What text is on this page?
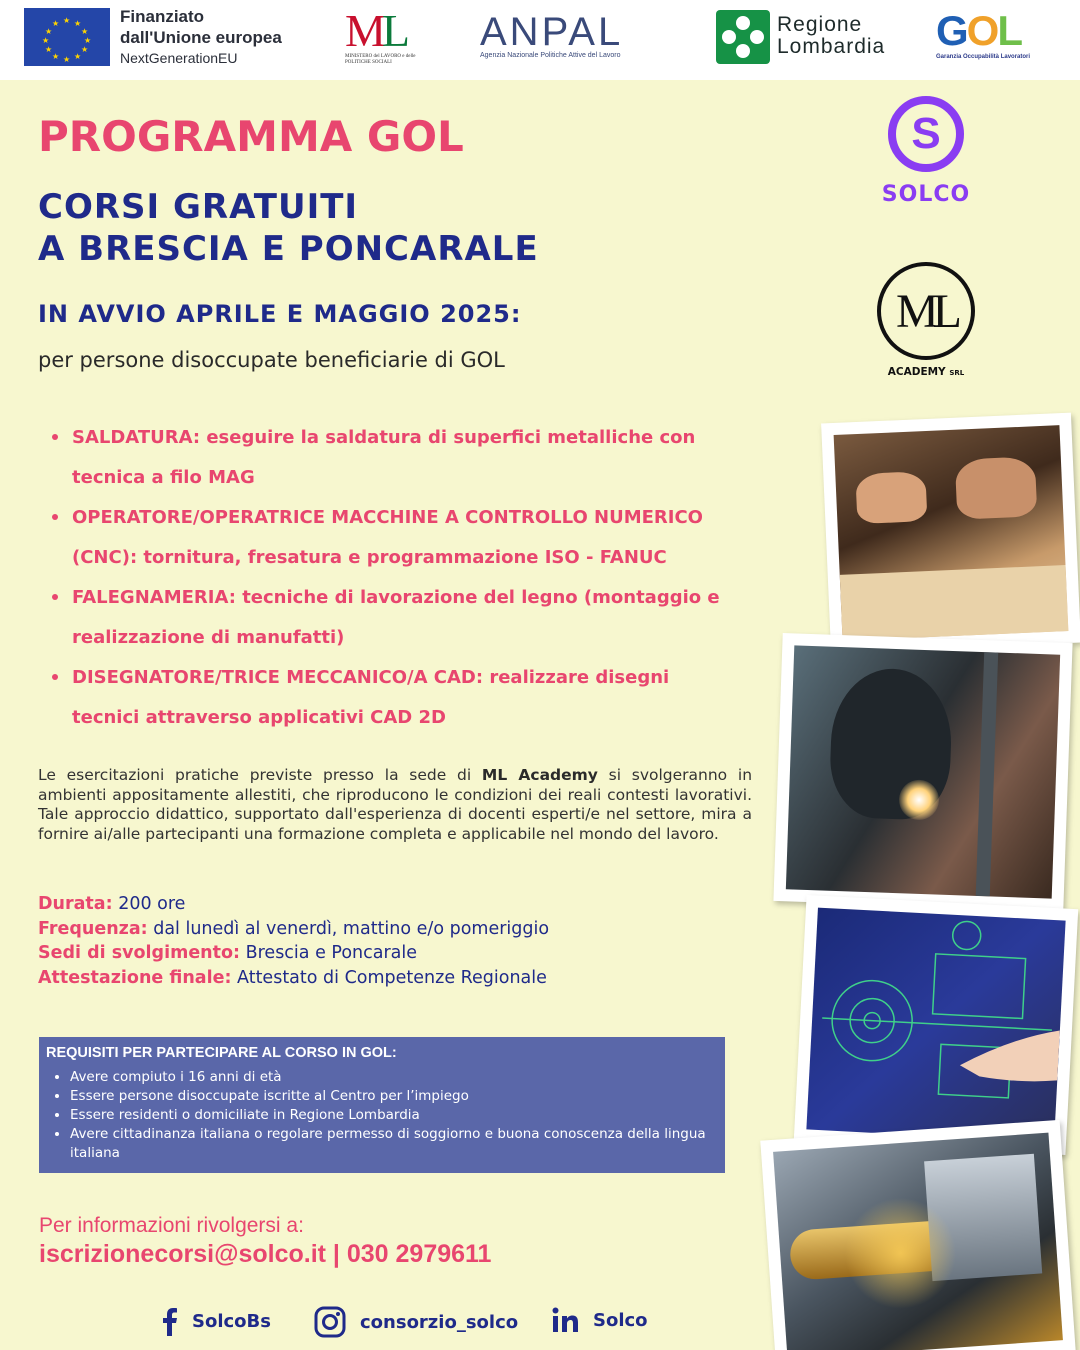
★ ★
★
★
★
★
★
★
★
★
★
★	Finanziato
dall'Unione europea
NextGenerationEU
ML
MINISTERO del LAVORO e delle POLITICHE SOCIALI
ANPAL
Agenzia Nazionale Politiche Attive del Lavoro
Regione
Lombardia GOL
Garanzia Occupabilità Lavoratori
PROGRAMMA GOL
CORSI GRATUITI
A BRESCIA E PONCARALE
IN AVVIO APRILE E MAGGIO 2025:
per persone disoccupate beneficiarie di GOL
SALDATURA: eseguire la saldatura di superfici metalliche con tecnica a filo MAG
OPERATORE/OPERATRICE MACCHINE A CONTROLLO NUMERICO (CNC): tornitura, fresatura e programmazione ISO - FANUC
FALEGNAMERIA: tecniche di lavorazione del legno (montaggio e realizzazione di manufatti)
DISEGNATORE/TRICE MECCANICO/A CAD: realizzare disegni tecnici attraverso applicativi CAD 2D

Le esercitazioni pratiche previste presso la sede di ML Academy si svolgeranno in ambienti appositamente allestiti, che riproducono le condizioni dei reali contesti lavorativi. Tale approccio didattico, supportato dall'esperienza di docenti esperti/e nel settore, mira a fornire ai/alle partecipanti una formazione completa e applicabile nel mondo del lavoro.

Durata: 200 ore
Frequenza: dal lunedì al venerdì, mattino e/o pomeriggio
Sedi di svolgimento: Brescia e Poncarale
Attestazione finale: Attestato di Competenze Regionale
REQUISITI PER PARTECIPARE AL CORSO IN GOL:
• Avere compiuto i 16 anni di età
• Essere persone disoccupate iscritte al Centro per l’impiego
• Essere residenti o domiciliate in Regione Lombardia
• Avere cittadinanza italiana o regolare permesso di soggiorno e buona conoscenza della lingua italiana
Per informazioni rivolgersi a:
iscrizionecorsi@solco.it | 030 2979611
SolcoBs	consorzio_solco	Solco
S
SOLCO
ML
ACADEMY SRL
